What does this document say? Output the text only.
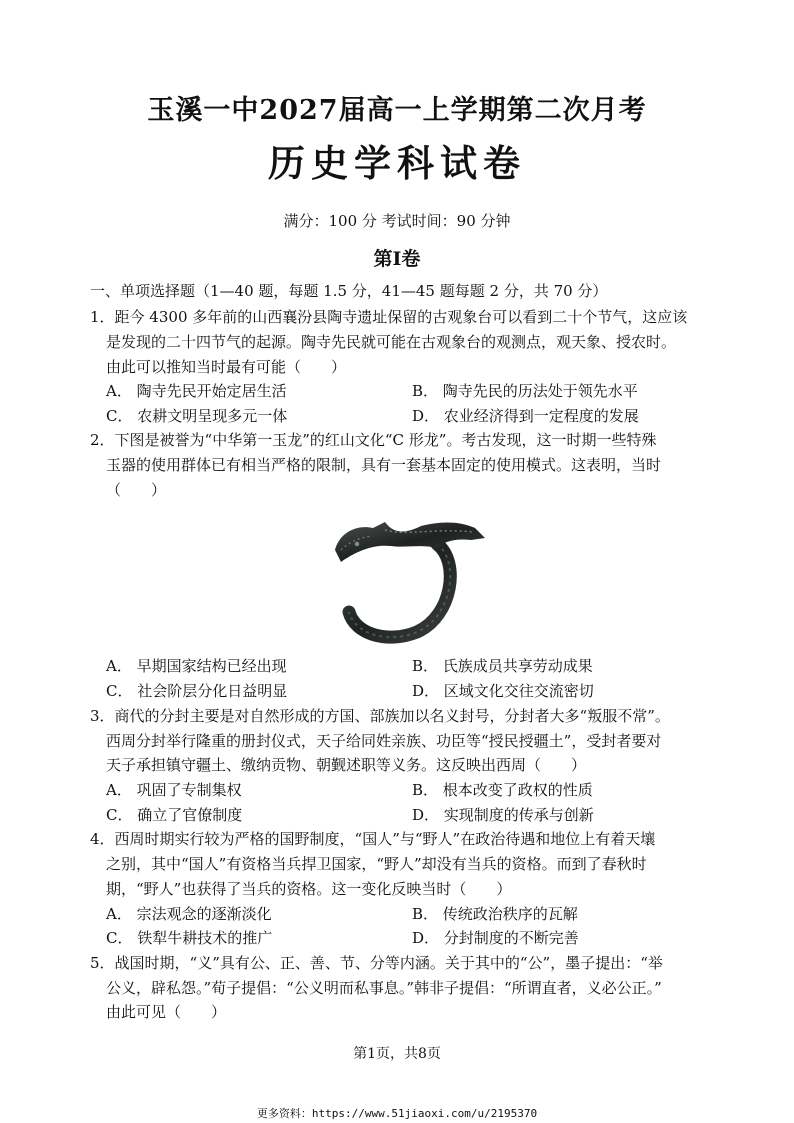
玉溪一中2027届高一上学期第二次月考
历史学科试卷
满分：100 分 考试时间：90 分钟
第Ⅰ卷
一、单项选择题（1—40 题，每题 1.5 分，41—45 题每题 2 分，共 70 分）
1．距今 4300 多年前的山西襄汾县陶寺遗址保留的古观象台可以看到二十个节气，这应该
是发现的二十四节气的起源。陶寺先民就可能在古观象台的观测点，观天象、授农时。
由此可以推知当时最有可能（　　）
A． 陶寺先民开始定居生活	B． 陶寺先民的历法处于领先水平
C． 农耕文明呈现多元一体	D． 农业经济得到一定程度的发展
2．下图是被誉为“中华第一玉龙”的红山文化“C 形龙”。考古发现，这一时期一些特殊
玉器的使用群体已有相当严格的限制，具有一套基本固定的使用模式。这表明，当时
（　　）
A． 早期国家结构已经出现	B． 氏族成员共享劳动成果
C． 社会阶层分化日益明显	D． 区域文化交往交流密切
3．商代的分封主要是对自然形成的方国、部族加以名义封号，分封者大多“叛服不常”。
西周分封举行隆重的册封仪式，天子给同姓亲族、功臣等“授民授疆土”，受封者要对
天子承担镇守疆土、缴纳贡物、朝觐述职等义务。这反映出西周（　　）
A． 巩固了专制集权	B． 根本改变了政权的性质
C． 确立了官僚制度	D． 实现制度的传承与创新
4．西周时期实行较为严格的国野制度，“国人”与“野人”在政治待遇和地位上有着天壤
之别，其中“国人”有资格当兵捍卫国家，“野人”却没有当兵的资格。而到了春秋时
期，“野人”也获得了当兵的资格。这一变化反映当时（　　）
A． 宗法观念的逐渐淡化	B． 传统政治秩序的瓦解
C． 铁犁牛耕技术的推广	D． 分封制度的不断完善
5．战国时期，“义”具有公、正、善、节、分等内涵。关于其中的“公”，墨子提出：“举
公义，辟私怨。”荀子提倡：“公义明而私事息。”韩非子提倡：“所谓直者，义必公正。”
由此可见（　　）
第1页，共8页
更多资料：https://www.51jiaoxi.com/u/2195370
